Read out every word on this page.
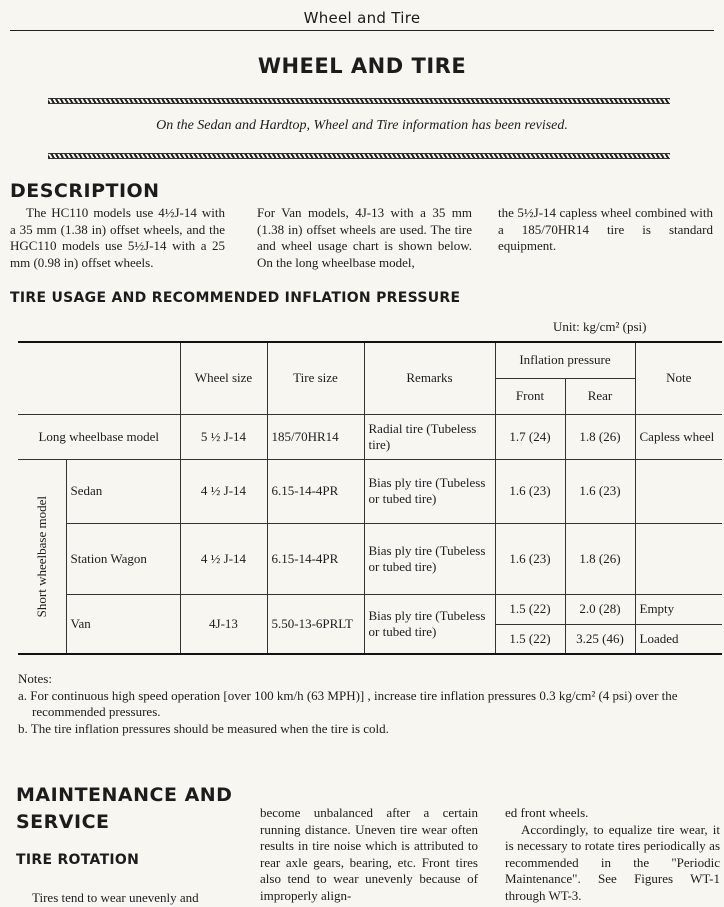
Wheel and Tire
WHEEL AND TIRE
On the Sedan and Hardtop, Wheel and Tire information has been revised.
DESCRIPTION
The HC110 models use 4½J-14 with a 35 mm (1.38 in) offset wheels, and the HGC110 models use 5½J-14 with a 25 mm (0.98 in) offset wheels.
For Van models, 4J-13 with a 35 mm (1.38 in) offset wheels are used. The tire and wheel usage chart is shown below. On the long wheelbase model,
the 5½J-14 capless wheel combined with a 185/70HR14 tire is standard equipment.
TIRE USAGE AND RECOMMENDED INFLATION PRESSURE
Unit: kg/cm² (psi)
		Wheel size	Tire size	Remarks	Inflation pressure		Note
					Front	Rear	
Long wheelbase model		5 ½ J-14	185/70HR14	Radial tire (Tubeless tire)	1.7 (24)	1.8 (26)	Capless wheel

Short wheelbase model	Sedan	4 ½ J-14	6.15-14-4PR	Bias ply tire (Tubeless or tubed tire)	1.6 (23)	1.6 (23)	
	Station Wagon	4 ½ J-14	6.15-14-4PR	Bias ply tire (Tubeless or tubed tire)	1.6 (23)	1.8 (26)	
	Van	4J-13	5.50-13-6PRLT	Bias ply tire (Tubeless or tubed tire)	1.5 (22)	2.0 (28)	Empty
					1.5 (22)	3.25 (46)	Loaded
Notes:
a. For continuous high speed operation [over 100 km/h (63 MPH)] , increase tire inflation pressures 0.3 kg/cm² (4 psi) over the recommended pressures.
b. The tire inflation pressures should be measured when the tire is cold.
MAINTENANCE AND
SERVICE
TIRE ROTATION
Tires tend to wear unevenly and
become unbalanced after a certain running distance. Uneven tire wear often results in tire noise which is attributed to rear axle gears, bearing, etc. Front tires also tend to wear unevenly because of improperly align-
ed front wheels.
Accordingly, to equalize tire wear, it is necessary to rotate tires periodically as recommended in the "Periodic Maintenance". See Figures WT-1 through WT-3.
